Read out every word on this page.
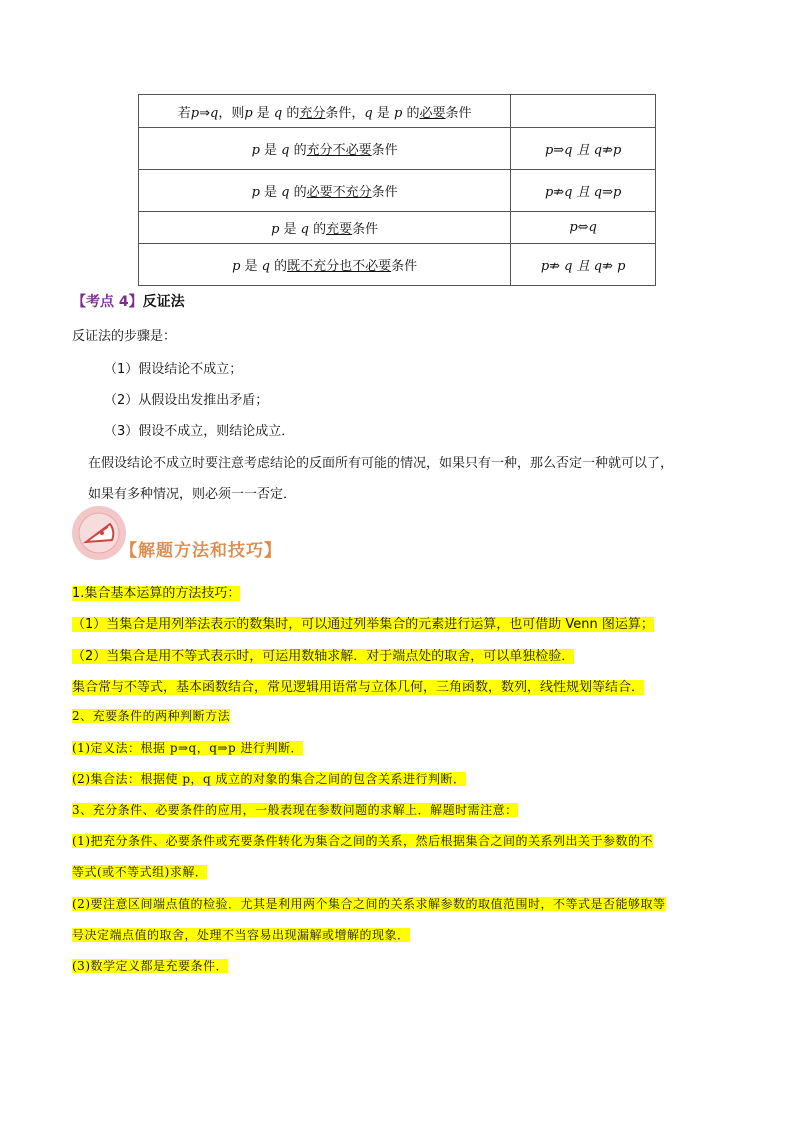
若p⇒q，则p 是 q 的充分条件，q 是 p 的必要条件	
p 是 q 的充分不必要条件	p⇒q 且 q⇏p
p 是 q 的必要不充分条件	p⇏q 且 q⇒p
p 是 q 的充要条件	p⇔q
p 是 q 的既不充分也不必要条件	p⇏ q 且 q⇏ p
【考点 4】反证法
反证法的步骤是：
（1）假设结论不成立；
（2）从假设出发推出矛盾；
（3）假设不成立，则结论成立．
在假设结论不成立时要注意考虑结论的反面所有可能的情况，如果只有一种，那么否定一种就可以了，
如果有多种情况，则必须一一否定．
【解题方法和技巧】
1.集合基本运算的方法技巧：
（1）当集合是用列举法表示的数集时，可以通过列举集合的元素进行运算，也可借助 Venn 图运算；
（2）当集合是用不等式表示时，可运用数轴求解．对于端点处的取舍，可以单独检验．
集合常与不等式，基本函数结合，常见逻辑用语常与立体几何，三角函数，数列，线性规划等结合．
2、充要条件的两种判断方法
(1)定义法：根据 p⇒q，q⇒p 进行判断．
(2)集合法：根据使 p，q 成立的对象的集合之间的包含关系进行判断．
3、充分条件、必要条件的应用，一般表现在参数问题的求解上．解题时需注意：
(1)把充分条件、必要条件或充要条件转化为集合之间的关系，然后根据集合之间的关系列出关于参数的不
等式(或不等式组)求解．
(2)要注意区间端点值的检验．尤其是利用两个集合之间的关系求解参数的取值范围时，不等式是否能够取等
号决定端点值的取舍，处理不当容易出现漏解或增解的现象．
(3)数学定义都是充要条件．
